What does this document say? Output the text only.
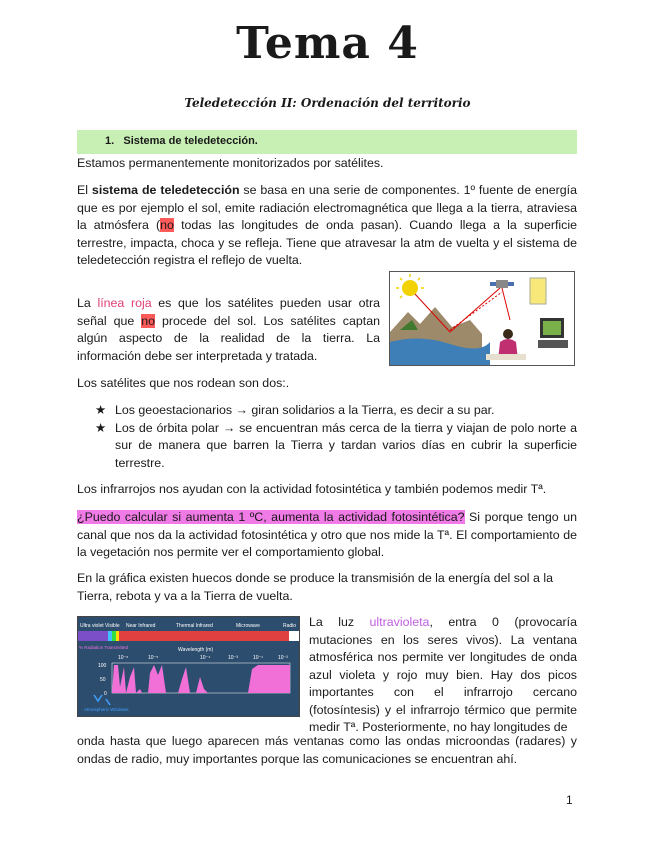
Tema 4
Teledetección II: Ordenación del territorio
1. Sistema de teledetección.
Estamos permanentemente monitorizados por satélites.
El sistema de teledetección se basa en una serie de componentes. 1º fuente de energía que es por ejemplo el sol, emite radiación electromagnética que llega a la tierra, atraviesa la atmósfera (no todas las longitudes de onda pasan). Cuando llega a la superficie terrestre, impacta, choca y se refleja. Tiene que atravesar la atm de vuelta y el sistema de teledetección registra el reflejo de vuelta.
La línea roja es que los satélites pueden usar otra señal que no procede del sol. Los satélites captan algún aspecto de la realidad de la tierra. La información debe ser interpretada y tratada.
Los satélites que nos rodean son dos:.
★ Los geoestacionarios → giran solidarios a la Tierra, es decir a su par.
★ Los de órbita polar → se encuentran más cerca de la tierra y viajan de polo norte a sur de manera que barren la Tierra y tardan varios días en cubrir la superficie terrestre.
Los infrarrojos nos ayudan con la actividad fotosintética y también podemos medir Tª.
¿Puedo calcular si aumenta 1 ºC, aumenta la actividad fotosintética? Si porque tengo un canal que nos da la actividad fotosintética y otro que nos mide la Tª. El comportamiento de la vegetación nos permite ver el comportamiento global.
En la gráfica existen huecos donde se produce la transmisión de la energía del sol a la Tierra, rebota y va a la Tierra de vuelta.
Ultra violet Visible Near Infrared	Thermal Infrared	Microwave	Radio
Wavelength (m)
10⁻⁶	10⁻⁵	10⁻⁴	10⁻³	10⁻¹	10⁻²
100
50
0
% Radiation Transmitted
Atmospheric Windows
La luz ultravioleta, entra 0 (provocaría mutaciones en los seres vivos). La ventana atmosférica nos permite ver longitudes de onda azul violeta y rojo muy bien. Hay dos picos importantes con el infrarrojo cercano (fotosíntesis) y el infrarrojo térmico que permite medir Tª. Posteriormente, no hay longitudes de
onda hasta que luego aparecen más ventanas como las ondas microondas (radares) y ondas de radio, muy importantes porque las comunicaciones se encuentran ahí.
1
